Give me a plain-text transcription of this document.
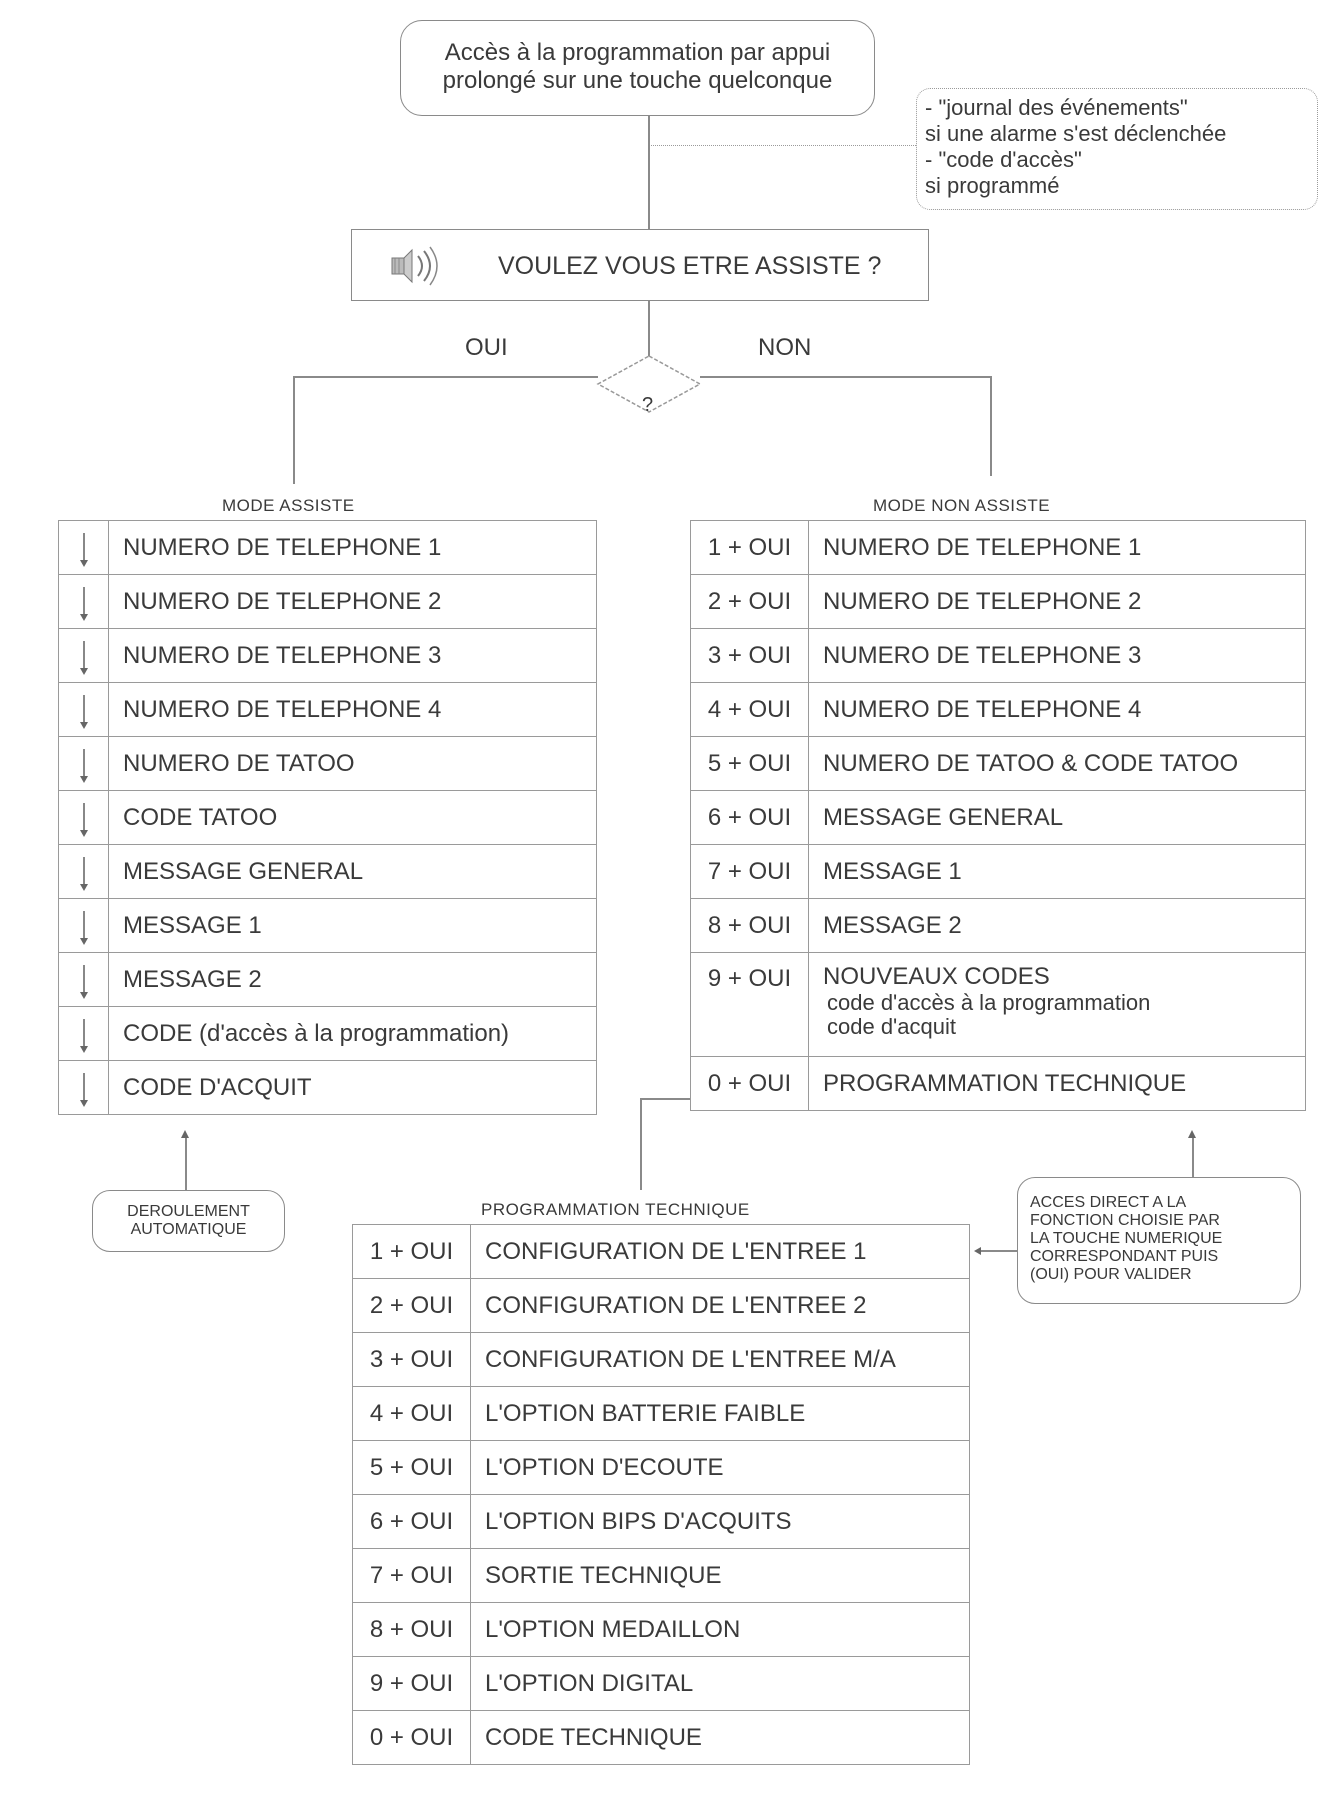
Accès à la programmation par appui
prolongé sur une touche quelconque
- "journal des événements"
si une alarme s'est déclenchée
- "code d'accès"
si programmé
VOULEZ VOUS ETRE ASSISTE ?
?
OUI	NON
MODE ASSISTE	MODE NON ASSISTE
	NUMERO DE TELEPHONE 1

	NUMERO DE TELEPHONE 2

	NUMERO DE TELEPHONE 3

	NUMERO DE TELEPHONE 4

	NUMERO DE TATOO

	CODE TATOO

	MESSAGE GENERAL

	MESSAGE 1

	MESSAGE 2

	CODE (d'accès à la programmation)

	CODE D'ACQUIT
1 + OUI	NUMERO DE TELEPHONE 1
2 + OUI	NUMERO DE TELEPHONE 2
3 + OUI	NUMERO DE TELEPHONE 3
4 + OUI	NUMERO DE TELEPHONE 4
5 + OUI	NUMERO DE TATOO & CODE TATOO
6 + OUI	MESSAGE GENERAL
7 + OUI	MESSAGE 1
8 + OUI	MESSAGE 2
9 + OUI	NOUVEAUX CODES
code d'accès à la programmation
code d'acquit

0 + OUI	PROGRAMMATION TECHNIQUE
DEROULEMENT
AUTOMATIQUE
PROGRAMMATION TECHNIQUE	ACCES DIRECT A LA
FONCTION CHOISIE PAR
LA TOUCHE NUMERIQUE
CORRESPONDANT PUIS
(OUI) POUR VALIDER
1 + OUI	CONFIGURATION DE L'ENTREE 1
2 + OUI	CONFIGURATION DE L'ENTREE 2
3 + OUI	CONFIGURATION DE L'ENTREE M/A
4 + OUI	L'OPTION BATTERIE FAIBLE
5 + OUI	L'OPTION D'ECOUTE
6 + OUI	L'OPTION BIPS D'ACQUITS
7 + OUI	SORTIE TECHNIQUE
8 + OUI	L'OPTION MEDAILLON
9 + OUI	L'OPTION DIGITAL
0 + OUI	CODE TECHNIQUE
